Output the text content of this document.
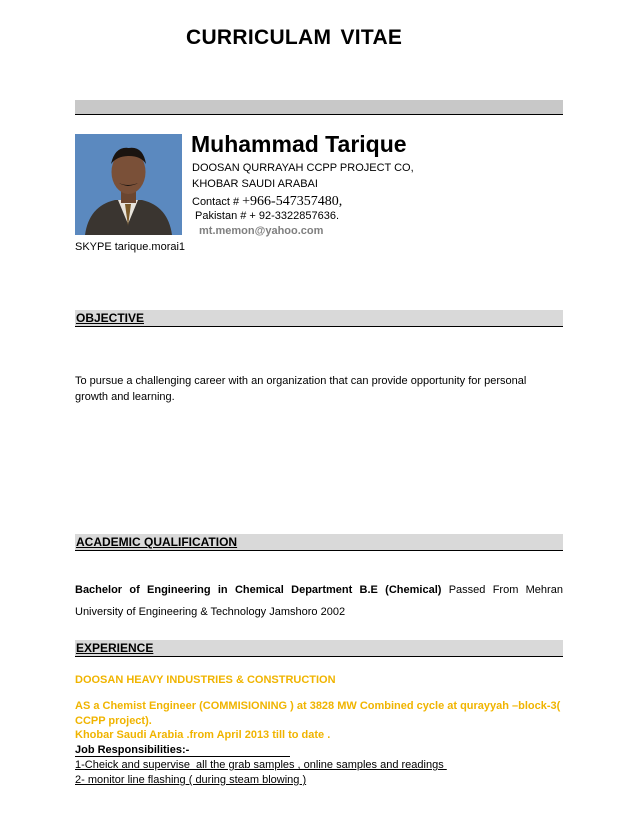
CURRICULAM VITAE
Muhammad Tarique
DOOSAN QURRAYAH CCPP PROJECT CO,
KHOBAR SAUDI ARABAI
Contact # +966-547357480,
Pakistan # + 92-3322857636.
mt.memon@yahoo.com
SKYPE tarique.morai1
OBJECTIVE
To pursue a challenging career with an organization that can provide opportunity for personal
growth and learning.
ACADEMIC QUALIFICATION
Bachelor of Engineering in Chemical Department B.E (Chemical) Passed From Mehran
University of Engineering & Technology Jamshoro 2002
EXPERIENCE
DOOSAN HEAVY INDUSTRIES & CONSTRUCTION
AS a Chemist Engineer (COMMISIONING ) at 3828 MW Combined cycle at qurayyah –block-3( CCPP project).
Khobar Saudi Arabia .from April 2013 till to date .
Job Responsibilities:-
1-Cheick and supervise  all the grab samples , online samples and readings
2- monitor line flashing ( during steam blowing )
